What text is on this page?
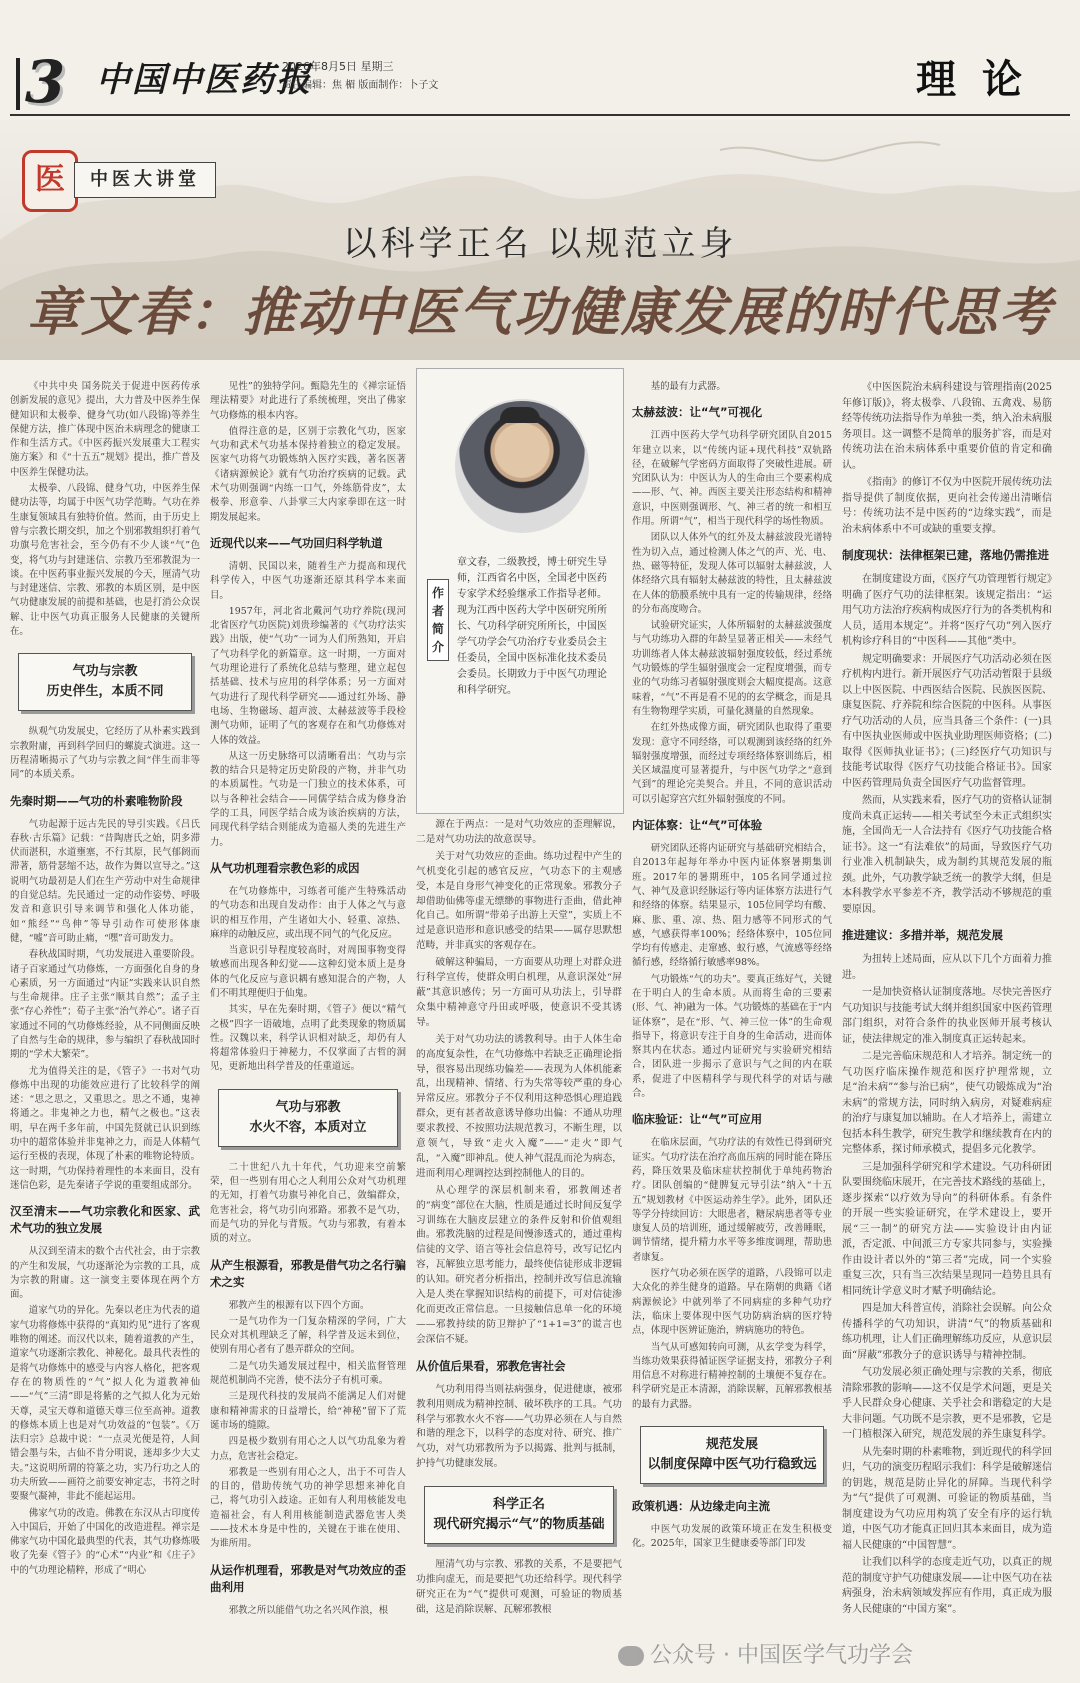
3 中国中医药报
2026年8月5日 星期三
责任编辑：焦 楣 版面制作：卜子文	理论
医	中医大讲堂
以科学正名 以规范立身
章文春：推动中医气功健康发展的时代思考

《中共中央 国务院关于促进中医药传承创新发展的意见》提出，大力普及中医养生保健知识和太极拳、健身气功(如八段锦)等养生保健方法，推广体现中医治未病理念的健康工作和生活方式。《中医药振兴发展重大工程实施方案》和《“十五五”规划》提出，推广普及中医养生保健功法。

太极拳、八段锦、健身气功，中医养生保健功法等，均属于中医气功学范畴。气功在养生康复领域具有独特价值。然而，由于历史上曾与宗教长期交织，加之个别邪教组织打着气功旗号危害社会，至今仍有不少人谈“气”色变，将气功与封建迷信、宗教乃至邪教混为一谈。在中医药事业振兴发展的今天，厘清气功与封建迷信、宗教、邪教的本质区别，是中医气功健康发展的前提和基础，也是打消公众误解、让中医气功真正服务人民健康的关键所在。

气功与宗教
历史伴生，本质不同

纵观气功发展史，它经历了从朴素实践到宗教附庸，再到科学回归的螺旋式演进。这一历程清晰揭示了气功与宗教之间“伴生而非等同”的本质关系。

先秦时期——气功的朴素唯物阶段

气功起源于远古先民的导引实践。《吕氏春秋·古乐篇》记载：“昔陶唐氏之始，阴多滞伏而湛积，水道壅塞，不行其原，民气郁阏而滞著，筋骨瑟缩不达，故作为舞以宣导之。”这说明气功最初是人们在生产劳动中对生命规律的自觉总结。先民通过一定的动作姿势、呼吸发音和意识引导来调节和强化人体功能，如“熊经”“鸟伸”等导引动作可使形体康健，“嘘”音可助止痛，“嘿”音可助发力。

春秋战国时期，气功发展进入重要阶段。诸子百家通过气功修炼，一方面强化自身的身心素质，另一方面通过“内证”实践来认识自然与生命规律。庄子主张“顺其自然”；孟子主张“存心养性”；荀子主张“治气养心”。诸子百家通过不同的气功修炼经验，从不同侧面反映了自然与生命的规律，参与编织了春秋战国时期的“学术大繁荣”。

尤为值得关注的是，《管子》一书对气功修炼中出现的功能效应进行了比较科学的阐述：“思之思之，又重思之。思之不通，鬼神将通之。非鬼神之力也，精气之极也。”这表明，早在两千多年前，中国先贤就已认识到练功中的超常体验并非鬼神之力，而是人体精气运行至极的表现，体现了朴素的唯物论特质。这一时期，气功保持着理性的本来面目，没有迷信色彩，是先秦诸子学说的重要组成部分。

汉至清末——气功宗教化和医家、武术气功的独立发展

从汉到至清末的数个古代社会，由于宗教的产生和发展，气功逐渐沦为宗教的工具，成为宗教的附庸。这一演变主要体现在两个方面。

道家气功的异化。先秦以老庄为代表的道家气功将修炼中获得的“真知灼见”进行了客观唯物的阐述。而汉代以来，随着道教的产生，道家气功逐渐宗教化、神秘化。最具代表性的是将气功修炼中的感受与内容人格化，把客观存在的物质性的“气”拟人化为道教神仙——“气”三清”即是将紫的之气拟人化为元始天尊，灵宝天尊和道德天尊三位至高神。道教的修炼本质上也是对气功效益的“包装”。《万法归宗》总裁中说：“一点灵光便是符，人间错会墨与朱，古仙不肯分明说，迷却多少大丈夫。”这说明所谓的符篆之功，实乃行功之人的功夫所致——画符之前要安神定志，书符之时要聚气凝神，非此不能起运用。

佛家气功的改造。佛教在东汉从古印度传入中国后，开始了中国化的改造进程。禅宗是佛家气功中国化最典型的代表，其气功修炼吸收了先秦《管子》的“心术”“内业”和《庄子》中的气功理论精粹，形成了“明心

见性”的独特学问。甄隐先生的《禅宗证悟理法精要》对此进行了系统梳理，突出了佛家气功修炼的根本内容。

值得注意的是，区别于宗教化气功，医家气功和武术气功基本保持着独立的稳定发展。医家气功将气功锻炼纳入医疗实践，著名医著《诸病源候论》就有气功治疗疾病的记载。武术气功则强调“内练一口气，外练筋骨皮”，太极拳、形意拳、八卦掌三大内家拳即在这一时期发展起来。

近现代以来——气功回归科学轨道

清朝、民国以来，随着生产力提高和现代科学传入，中医气功逐渐还原其科学本来面目。

1957年，河北省北戴河气功疗养院(现河北省医疗气功医院)刘贵珍编著的《气功疗法实践》出版，使“气功”一词为人们所熟知，开启了气功科学化的新篇章。这一时期，一方面对气功理论进行了系统化总结与整理，建立起包括基础、技术与应用的科学体系；另一方面对气功进行了现代科学研究——通过红外场、静电场、生物磁场、超声波、太赫兹波等手段检测气功师，证明了气的客观存在和气功修炼对人体的效益。

从这一历史脉络可以清晰看出：气功与宗教的结合只是特定历史阶段的产物，并非气功的本质属性。气功是一门独立的技术体系，可以与各种社会结合——同儒学结合成为修身治学的工具，同医学结合成为该治疾病的方法，同现代科学结合则能成为造福人类的先进生产力。

从气功机理看宗教色彩的成因

在气功修炼中，习练者可能产生特殊活动的气功态和出现自发动作：由于人体之气与意识的相互作用，产生诸如大小、轻重、凉热、麻痒的动触反应，或出现不同气的气化反应。

当意识引导程度较高时，对周围事物变得敏感而出现各种幻觉——这种幻觉本质上是身体的气化反应与意识耦有感知混合的产物，人们不明其理便归于仙鬼。

其实，早在先秦时期，《管子》便以“精气之极”四字一语破地，点明了此类现象的物质属性。汉魏以来，科学认识相对缺乏，却仍有人将超常体验归于神秘力，不仅掌面了古哲的洞见，更新地出科学普及的任重道远。

气功与邪教
水火不容，本质对立

二十世纪八九十年代，气功迎来空前繁荣，但一些别有用心之人利用公众对气功机理的无知，打着气功旗号神化自己，敛编群众，危害社会，将气功引向邪路。邪教不是气功，而是气功的异化与背叛。气功与邪教，有着本质的对立。

从产生根源看，邪教是借气功之名行骗术之实

邪教产生的根源有以下四个方面。

一是气功作为一门复杂精深的学问，广大民众对其机理缺乏了解，科学普及远未到位，使别有用心者有了愚弄群众的空间。

二是气功失通发展过程中，相关监督管理规范机制尚不完善，使不法分子有机可乘。

三是现代科技的发展尚不能满足人们对健康和精神需求的日益增长，给“神秘”留下了荒诞市场的缝隙。

四是极少数别有用心之人以气功乱象为着力点，危害社会稳定。

邪教是一些别有用心之人，出于不可告人的目的，借助传统气功的神学思想来神化自己，将气功引入歧途。正如有人利用核能发电造福社会，有人利用核能制造武器危害人类——技术本身是中性的，关键在于谁在使用、为谁所用。

从运作机理看，邪教是对气功效应的歪曲利用

邪教之所以能借气功之名兴风作浪，根

作者简介
章文春，二级教授，博士研究生导师，江西省名中医，全国老中医药专家学术经验继承工作指导老师。现为江西中医药大学中医研究所所长、气功科学研究所所长，中国医学气功学会气功治疗专业委员会主任委员，全国中医标准化技术委员会委员。长期致力于中医气功理论和科学研究。

源在于两点：一是对气功效应的歪理解说，二是对气功功法的故意误导。

关于对气功效应的歪曲。练功过程中产生的气机变化引起的感官反应，气功态下的主观感受，本是自身形气神变化的正常现象。邪教分子却借助仙佛等虚无缥缈的事物进行歪曲，借此神化自己。如所谓“带弟子出游上天堂”，实质上不过是意识造形和意识感受的结果——属存思默想范畴，并非真实的客观存在。

破解这种骗局，一方面要从功理上对群众进行科学宣传，使群众明白机理，从意识深处“屏蔽”其意识感传；另一方面可从功法上，引导群众集中精神意守丹田或呼吸，使意识不受其诱导。

关于对气功功法的诱教利导。由于人体生命的高度复杂性，在气功修炼中若缺乏正确理论指导，很容易出现练功偏差——表现为人体机能紊乱，出现精神、情绪、行为失常等较严重的身心异常反应。邪教分子不仅利用这种恐惧心理追践群众，更有甚者故意诱导修功出偏：不通从功理要求教授、不按照功法规范教习，不断生理，以意领气，导致“走火入魔”——“走火”即气乱，“入魔”即神乱。使人神气混乱而沦为病态，进而利用心理调控达到控制他人的目的。

从心理学的深层机制来看，邪教阐述者的“病变”部位在大脑，性质是通过长时间反复学习训练在大脑皮层建立的条件反射和价值观组曲。邪教洗脑的过程是间慢渗透式的，通过重构信徒的文学、语言等社会信息符号，改写记忆内容，瓦解独立思考能力，最终使信徒形成非逻辑的认知。研究者分析指出，控制并改写信息流输入是人类在掌握知识结构的前提下，可对信徒渗化而更改正常信息。一旦接触信息单一化的环境——邪教持续的防卫辩护了“1+1=3”的谎言也会深信不疑。

从价值后果看，邪教危害社会

气功利用得当则祛病强身，促进健康，被邪教利用则成为精神控制、破坏秩序的工具。气功科学与邪教水火不容——气功界必须在人与自然和谐的理念下，以科学的态度对待、研究、推广气功，对气功邪教所为予以揭露、批判与抵制，护持气功健康发展。

科学正名
现代研究揭示“气”的物质基础

厘清气功与宗教、邪教的关系，不是要把气功推向虚无，而是要把气功还给科学。现代科学研究正在为“气”提供可观测，可验证的物质基础，这是消除误解、瓦解邪教根

基的最有力武器。

太赫兹波：让“气”可视化

江西中医药大学气功科学研究团队自2015年建立以来，以“传统内证+现代科技”双轨路径，在破解气学密码方面取得了突破性进展。研究团队认为：中医认为人的生命由三个要素构成——形、气、神。西医主要关注形态结构和精神意识，中医则强调形、气、神三者的统一和相互作用。所谓“气”，相当于现代科学的场性物质。

团队以人体外气的红外及太赫兹波段光谱特性为切入点，通过检测人体之气的声、光、电、热、磁等特征，发现人体可以辐射太赫兹波，人体经络穴具有辐射太赫兹波的特性，且太赫兹波在人体的筋膜系统中具有一定的传输规律，经络的分布高度吻合。

试验研究证实，人体所辐射的太赫兹波强度与气功练功入群的年龄呈显著正相关——未经气功训练者人体太赫兹波辐射强度较低，经过系统气功锻炼的学生辐射强度会一定程度增强，而专业的气功练习者辐射强度则会大幅度提高。这意味着，“气”不再是看不见的的玄学概念，而是具有生物物理学实质，可量化测量的自然现象。

在红外热成像方面，研究团队也取得了重要发现：意守不同经络，可以观测到该经络的红外辐射强度增强，而经过专项经络体察训练后，相关区域温度可显著提升，与中医气功学之“意到气到”的理论完美契合。并且，不同的意识活动可以引起穿宫穴红外辐射强度的不同。

内证体察：让“气”可体验

研究团队还将内证研究与基础研究相结合，自2013年起每年举办中医内证体察暑期集训班。2017年的暑期班中，105名同学通过拉气、神气及意识经脉运行等内证体察方法进行气和经络的体察。结果显示，105位同学均有酸、麻、胀、重、凉、热、阻力感等不同形式的气感，气感获得率100%；经络体察中，105位同学均有传感走、走窜感、蚁行感，气流感等经络循行感，经络循行敏感率98%。

气功锻炼“气的功夫”。要真正练好气，关键在于明白人的生命本质。从而将生命的三要素(形、气、神)融为一体。气功锻炼的基础在于“内证体察”，是在“形、气、神三位一体”的生命观指导下，将意识专注于自身的生命活动，进而体察其内在状态。通过内证研究与实验研究相结合，团队进一步揭示了意识与气之间的内在联系，促进了中医精科学与现代科学的对话与融合。

临床验证：让“气”可应用

在临床层面，气功疗法的有效性已得到研究证实。气功疗法在治疗高血压病的同时能在降压药，降压效果及临床症状控制优于单纯药物治疗。团队创编的“健脾复元导引法”纳入“十五五”规划教材《中医运动养生学》。此外，团队还等学分持续回访：大眼患者，糖尿病患者等专业康复人员的培训班，通过缓解疲劳，改善睡眠，调节情绪，提升精力水平等多维度调理，帮助患者康复。

医疗气功必须在医学的道路，八段锦可以走大众化的养生健身的道路。早在隋朝的典籍《诸病源候论》中就列举了不同病症的多种气功疗法，临床上要体现中医气功防病治病的医疗特点，体现中医辨证施治，辨病施功的特色。

当气从可感知转向可测，从玄学变为科学，当练功效果获得循证医学证据支持，邪教分子利用信息不对称进行精神控制的土壤便不复存在。科学研究是正本清源，消除误解，瓦解邪教根基的最有力武器。

规范发展
以制度保障中医气功行稳致远
政策机遇：从边缘走向主流

中医气功发展的政策环境正在发生积极变化。2025年，国家卫生健康委等部门印发

《中医医院治未病科建设与管理指南(2025年修订版)》，将太极拳、八段锦、五禽戏、易筋经等传统功法指导作为单独一类，纳入治未病服务项目。这一调整不是简单的服务扩容，而是对传统功法在治未病体系中重要价值的肯定和确认。

《指南》的修订不仅为中医院开展传统功法指导提供了制度依据，更向社会传递出清晰信号：传统功法不是中医药的“边缘实践”，而是治未病体系中不可或缺的重要支撑。

制度现状：法律框架已建，落地仍需推进

在制度建设方面，《医疗气功管理暂行规定》明确了医疗气功的法律框架。该规定指出：“运用气功方法治疗疾病构成医疗行为的各类机构和人员，适用本规定”。并将“医疗气功”列入医疗机构诊疗科目的“中医科——其他”类中。

规定明确要求：开展医疗气功活动必须在医疗机构内进行。新开展医疗气功活动暂限于县级以上中医医院、中西医结合医院、民族医医院、康复医院、疗养院和综合医院的中医科。从事医疗气功活动的人员，应当具备三个条件：(一)具有中医执业医师或中医执业助理医师资格；(二)取得《医师执业证书》；(三)经医疗气功知识与技能考试取得《医疗气功技能合格证书》。国家中医药管理局负责全国医疗气功监督管理。

然而，从实践来看，医疗气功的资格认证制度尚未真正运转——相关考试至今未正式组织实施，全国尚无一人合法持有《医疗气功技能合格证书》。这一“有法难依”的局面，导致医疗气功行业准入机制缺失，成为制约其规范发展的瓶颈。此外，气功教学缺乏统一的教学大纲，但是本科教学水平参差不齐，教学活动不够规范的重要原因。

推进建议：多措并举，规范发展

为扭转上述局面，应从以下几个方面着力推进。

一是加快资格认证制度落地。尽快完善医疗气功知识与技能考试大纲并组织国家中医药管理部门组织，对符合条件的执业医师开展考核认证，使法律规定的准入制度真正运转起来。

二是完善临床规范和人才培养。制定统一的气功医疗临床操作规范和医疗护理常规，立足“治未病”“参与治已病”，使气功锻炼成为“治未病”的常规方法，同时纳入病房，对疑难病症的治疗与康复加以辅助。在人才培养上，需建立包括本科生教学，研究生教学和继续教育在内的完整体系，探讨师承模式，提倡多元化教学。

三是加强科学研究和学术建设。气功科研团队要围绕临床展开，在完善技术路线的基础上，逐步探索“以疗效为导向”的科研体系。有条件的开展一些实验证研究，在学术建设上，要开展“三一制”的研究方法——实验设计由内证派，否定派、中间派三方专家共同参与，实验操作由设计者以外的“第三者”完成，同一个实验重复三次，只有当三次结果呈现同一趋势且具有相同统计学意义时才赋予明确结论。

四是加大科普宣传，消除社会误解。向公众传播科学的气功知识，讲清“气”的物质基础和练功机理，让人们正确理解练功反应，从意识层面“屏蔽”邪教分子的意识诱导与精神控制。

气功发展必须正确处理与宗教的关系，彻底清除邪教的影响——这不仅是学术问题，更是关乎人民群众身心健康、关乎社会和谐稳定的大是大非问题。气功既不是宗教，更不是邪教，它是一门植根深入研究，规范发展的养生康复科学。

从先秦时期的朴素唯物，到近现代的科学回归，气功的演变历程昭示我们：科学是破解迷信的钥匙，规范是防止异化的屏障。当现代科学为“气”提供了可观测、可验证的物质基础，当制度建设为气功应用构筑了安全有序的运行轨道，中医气功才能真正回归其本来面目，成为造福人民健康的“中国智慧”。

让我们以科学的态度走近气功，以真正的规范的制度守护气功健康发展——让中医气功在祛病强身，治未病领域发挥应有作用，真正成为服务人民健康的“中国方案”。

公众号 · 中国医学气功学会
